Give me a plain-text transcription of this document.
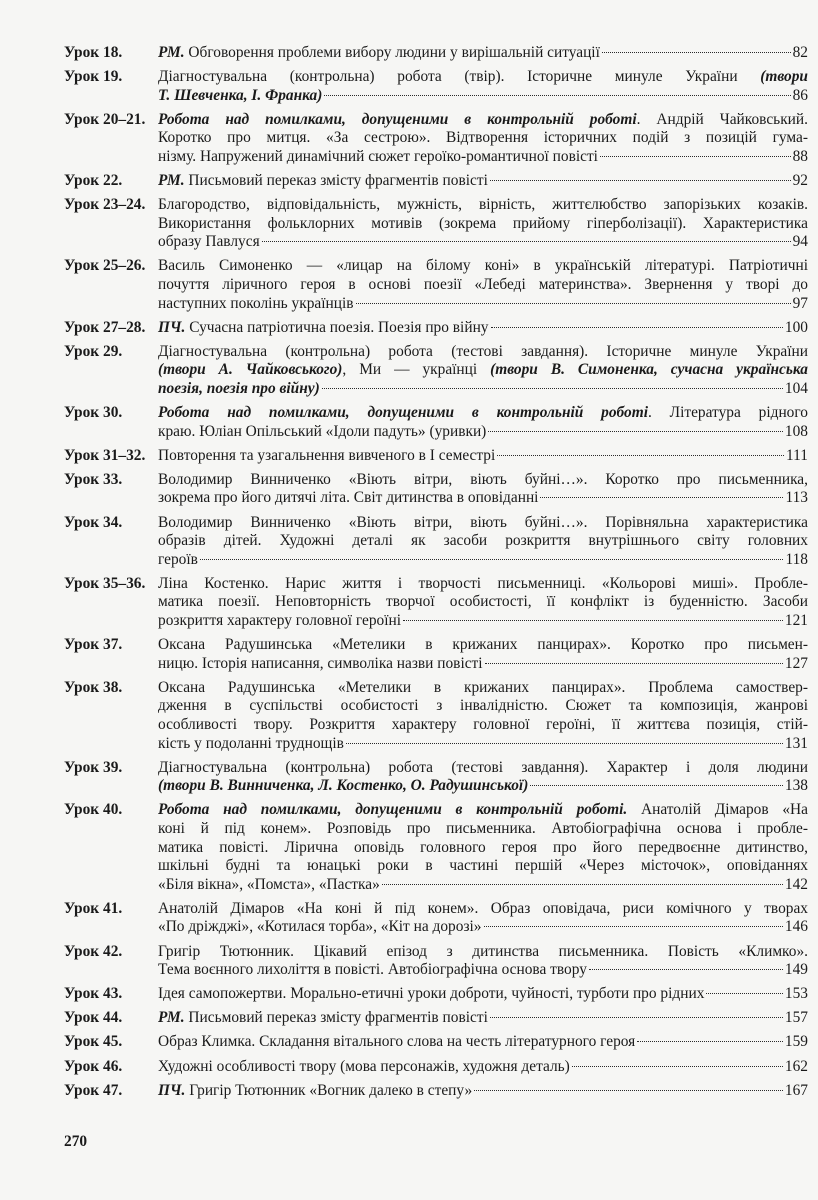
Урок 18.	РМ. Обговорення проблеми вибору людини у вирішальній ситуації	82
Урок 19.	Діагностувальна (контрольна) робота (твір). Історичне минуле України (твори
Т. Шевченка, І. Франка)	86
Урок 20–21. Робота над помилками, допущеними в контрольній роботі. Андрій Чайковський.
Коротко про митця. «За сестрою». Відтворення історичних подій з позицій гума-
нізму. Напружений динамічний сюжет героїко-романтичної повісті	88
Урок 22.	РМ. Письмовий переказ змісту фрагментів повісті	92
Урок 23–24. Благородство, відповідальність, мужність, вірність, життєлюбство запорізьких козаків.
Використання фольклорних мотивів (зокрема прийому гіперболізації). Характеристика
образу Павлуся	94
Урок 25–26. Василь Симоненко — «лицар на білому коні» в українській літературі. Патріотичні
почуття ліричного героя в основі поезії «Лебеді материнства». Звернення у творі до
наступних поколінь українців	97
Урок 27–28. ПЧ. Сучасна патріотична поезія. Поезія про війну	100
Урок 29.	Діагностувальна (контрольна) робота (тестові завдання). Історичне минуле України
(твори А. Чайковського), Ми — українці (твори В. Симоненка, сучасна українська
поезія, поезія про війну)	104
Урок 30.	Робота над помилками, допущеними в контрольній роботі. Література рідного
краю. Юліан Опільський «Ідоли падуть» (уривки)	108
Урок 31–32. Повторення та узагальнення вивченого в I семестрі	111
Урок 33.	Володимир Винниченко «Віють вітри, віють буйні…». Коротко про письменника,
зокрема про його дитячі літа. Світ дитинства в оповіданні	113
Урок 34.	Володимир Винниченко «Віють вітри, віють буйні…». Порівняльна характеристика
образів дітей. Художні деталі як засоби розкриття внутрішнього світу головних
героїв	118
Урок 35–36. Ліна Костенко. Нарис життя і творчості письменниці. «Кольорові миші». Пробле-
матика поезії. Неповторність творчої особистості, її конфлікт із буденністю. Засоби
розкриття характеру головної героїні	121
Урок 37.	Оксана Радушинська «Метелики в крижаних панцирах». Коротко про письмен-
ницю. Історія написання, символіка назви повісті	127
Урок 38.	Оксана Радушинська «Метелики в крижаних панцирах». Проблема самоствер-
дження в суспільстві особистості з інвалідністю. Сюжет та композиція, жанрові
особливості твору. Розкриття характеру головної героїні, її життєва позиція, стій-
кість у подоланні труднощів	131
Урок 39.	Діагностувальна (контрольна) робота (тестові завдання). Характер і доля людини
(твори В. Винниченка, Л. Костенко, О. Радушинської)	138
Урок 40.	Робота над помилками, допущеними в контрольній роботі. Анатолій Дімаров «На
коні й під конем». Розповідь про письменника. Автобіографічна основа і пробле-
матика повісті. Лірична оповідь головного героя про його передвоєнне дитинство,
шкільні будні та юнацькі роки в частині першій «Через місточок», оповіданнях
«Біля вікна», «Помста», «Пастка»	142
Урок 41.	Анатолій Дімаров «На коні й під конем». Образ оповідача, риси комічного у творах
«По дріжджі», «Котилася торба», «Кіт на дорозі»	146
Урок 42.	Григір Тютюнник. Цікавий епізод з дитинства письменника. Повість «Климко».
Тема воєнного лихоліття в повісті. Автобіографічна основа твору	149
Урок 43.	Ідея самопожертви. Морально-етичні уроки доброти, чуйності, турботи про рідних	153
Урок 44.	РМ. Письмовий переказ змісту фрагментів повісті	157
Урок 45.	Образ Климка. Складання вітального слова на честь літературного героя	159
Урок 46.	Художні особливості твору (мова персонажів, художня деталь)	162
Урок 47.	ПЧ. Григір Тютюнник «Вогник далеко в степу»	167
270
